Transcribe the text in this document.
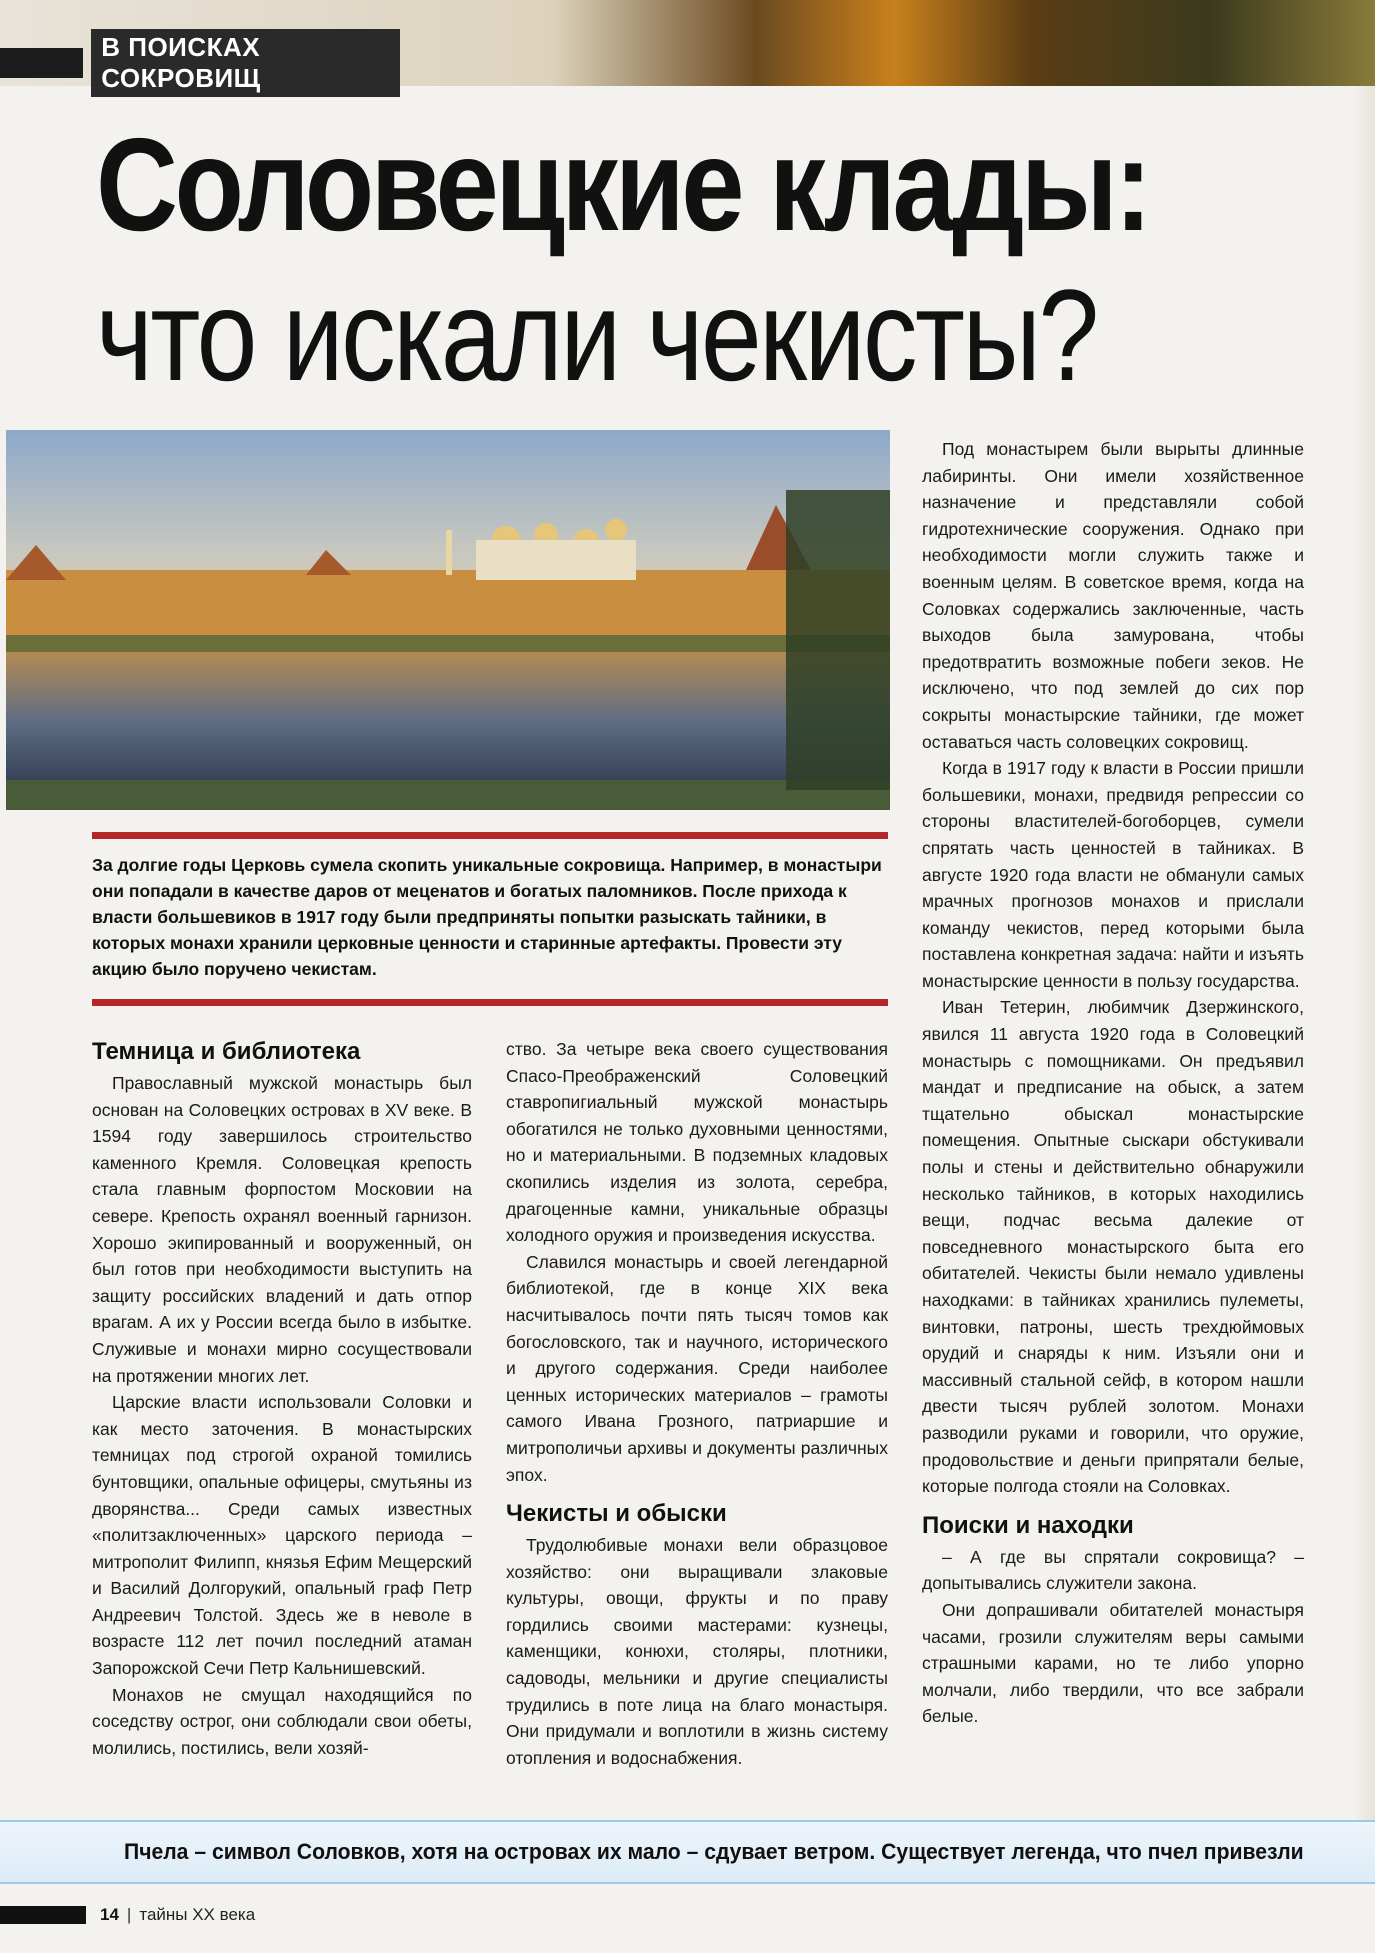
В ПОИСКАХ СОКРОВИЩ
Соловецкие клады:
что искали чекисты?
За долгие годы Церковь сумела скопить уникальные сокровища. Например, в монастыри они попадали в качестве даров от меценатов и богатых паломников. После прихода к власти большевиков в 1917 году были предприняты попытки разыскать тайники, в которых монахи хранили церковные ценности и старинные артефакты. Провести эту акцию было поручено чекистам.
Темница и библиотека

Православный мужской монастырь был основан на Соловецких островах в XV веке. В 1594 году завершилось строительство каменного Кремля. Соловецкая крепость стала главным форпостом Московии на севере. Крепость охранял военный гарнизон. Хорошо экипированный и вооруженный, он был готов при необходимости выступить на защиту российских владений и дать отпор врагам. А их у России всегда было в избытке. Служивые и монахи мирно сосуществовали на протяжении многих лет.

Царские власти использовали Соловки и как место заточения. В монастырских темницах под строгой охраной томились бунтовщики, опальные офицеры, смутьяны из дворянства... Среди самых известных «политзаключенных» царского периода – митрополит Филипп, князья Ефим Мещерский и Василий Долгорукий, опальный граф Петр Андреевич Толстой. Здесь же в неволе в возрасте 112 лет почил последний атаман Запорожской Сечи Петр Кальнишевский.

Монахов не смущал находящийся по соседству острог, они соблюдали свои обеты, молились, постились, вели хозяй-

ство. За четыре века своего существования Спасо-Преображенский Соловецкий ставропигиальный мужской монастырь обогатился не только духовными ценностями, но и материальными. В подземных кладовых скопились изделия из золота, серебра, драгоценные камни, уникальные образцы холодного оружия и произведения искусства.

Славился монастырь и своей легендарной библиотекой, где в конце XIX века насчитывалось почти пять тысяч томов как богословского, так и научного, исторического и другого содержания. Среди наиболее ценных исторических материалов – грамоты самого Ивана Грозного, патриаршие и митрополичьи архивы и документы различных эпох.

Чекисты и обыски

Трудолюбивые монахи вели образцовое хозяйство: они выращивали злаковые культуры, овощи, фрукты и по праву гордились своими мастерами: кузнецы, каменщики, конюхи, столяры, плотники, садоводы, мельники и другие специалисты трудились в поте лица на благо монастыря. Они придумали и воплотили в жизнь систему отопления и водоснабжения.

Под монастырем были вырыты длинные лабиринты. Они имели хозяйственное назначение и представляли собой гидротехнические сооружения. Однако при необходимости могли служить также и военным целям. В советское время, когда на Соловках содержались заключенные, часть выходов была замурована, чтобы предотвратить возможные побеги зеков. Не исключено, что под землей до сих пор сокрыты монастырские тайники, где может оставаться часть соловецких сокровищ.

Когда в 1917 году к власти в России пришли большевики, монахи, предвидя репрессии со стороны властителей-богоборцев, сумели спрятать часть ценностей в тайниках. В августе 1920 года власти не обманули самых мрачных прогнозов монахов и прислали команду чекистов, перед которыми была поставлена конкретная задача: найти и изъять монастырские ценности в пользу государства.

Иван Тетерин, любимчик Дзержинского, явился 11 августа 1920 года в Соловецкий монастырь с помощниками. Он предъявил мандат и предписание на обыск, а затем тщательно обыскал монастырские помещения. Опытные сыскари обстукивали полы и стены и действительно обнаружили несколько тайников, в которых находились вещи, подчас весьма далекие от повседневного монастырского быта его обитателей. Чекисты были немало удивлены находками: в тайниках хранились пулеметы, винтовки, патроны, шесть трехдюймовых орудий и снаряды к ним. Изъяли они и массивный стальной сейф, в котором нашли двести тысяч рублей золотом. Монахи разводили руками и говорили, что оружие, продовольствие и деньги припрятали белые, которые полгода стояли на Соловках.

Поиски и находки

– А где вы спрятали сокровища? – допытывались служители закона.

Они допрашивали обитателей монастыря часами, грозили служителям веры самыми страшными карами, но те либо упорно молчали, либо твердили, что все забрали белые.

Пчела – символ Соловков, хотя на островах их мало – сдувает ветром. Существует легенда, что пчел привезли
14 | тайны XX века
